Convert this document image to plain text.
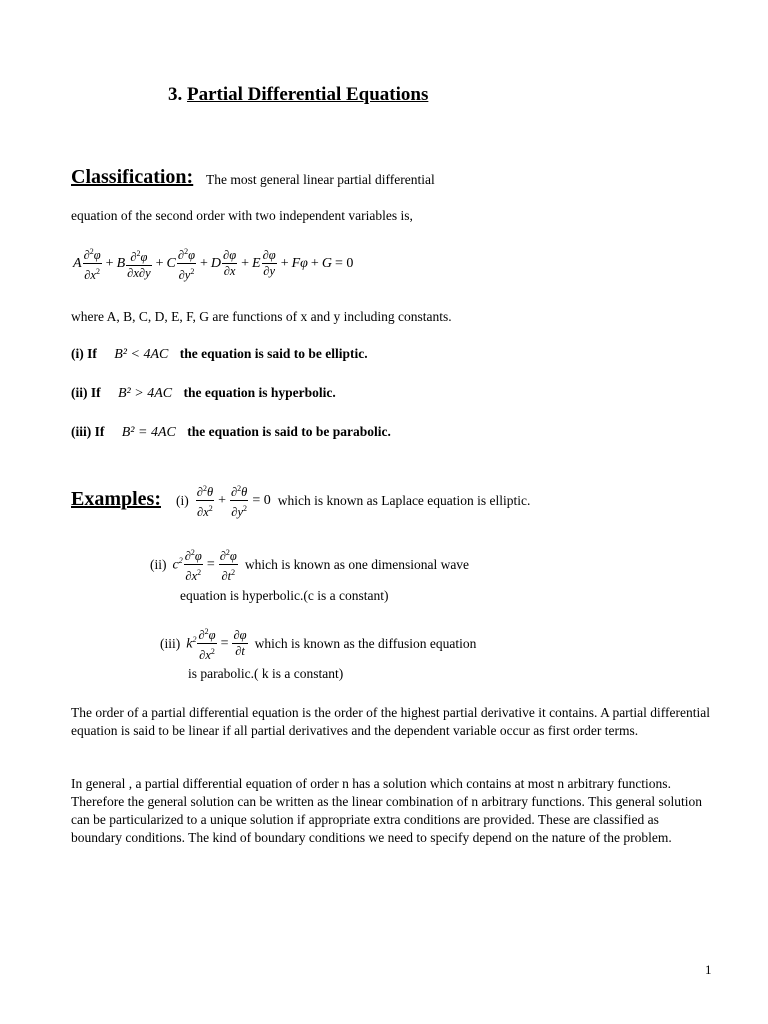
3. Partial Differential Equations
Classification: The most general linear partial differential
equation of the second order with two independent variables is,
A $\frac{\partial^2\varphi}{\partial x^2} + B \frac{\partial^2\varphi}{\partial x\partial y} + C \frac{\partial^2\varphi}{\partial y^2} + D \frac{\partial\varphi}{\partial x} + E \frac{\partial\varphi}{\partial y} + F\varphi + G = 0$
where A, B, C, D, E, F, G are functions of x and y including constants.
(i) If B² < 4AC the equation is said to be elliptic.
(ii) If B² > 4AC the equation is hyperbolic.
(iii) If B² = 4AC the equation is said to be parabolic.
Examples: $(i) \frac{\partial^2\theta}{\partial x^2} + \frac{\partial^2\theta}{\partial y^2} = 0$ which is known as Laplace equation is elliptic.
(ii) $c^2 \frac{\partial^2\varphi}{\partial x^2} = \frac{\partial^2\varphi}{\partial t^2}$ which is known as one dimensional wave
equation is hyperbolic.(c is a constant)
(iii) $k^2 \frac{\partial^2\varphi}{\partial x^2} = \frac{\partial\varphi}{\partial t}$ which is known as the diffusion equation
is parabolic.( k is a constant)
The order of a partial differential equation is the order of the highest partial derivative it contains. A partial differential equation is said to be linear if all partial derivatives and the dependent variable occur as first order terms.
In general , a partial differential equation of order n has a solution which contains at most n arbitrary functions. Therefore the general solution can be written as the linear combination of n arbitrary functions. This general solution can be particularized to a unique solution if appropriate extra conditions are provided. These are classified as boundary conditions. The kind of boundary conditions we need to specify depend on the nature of the problem.
1
